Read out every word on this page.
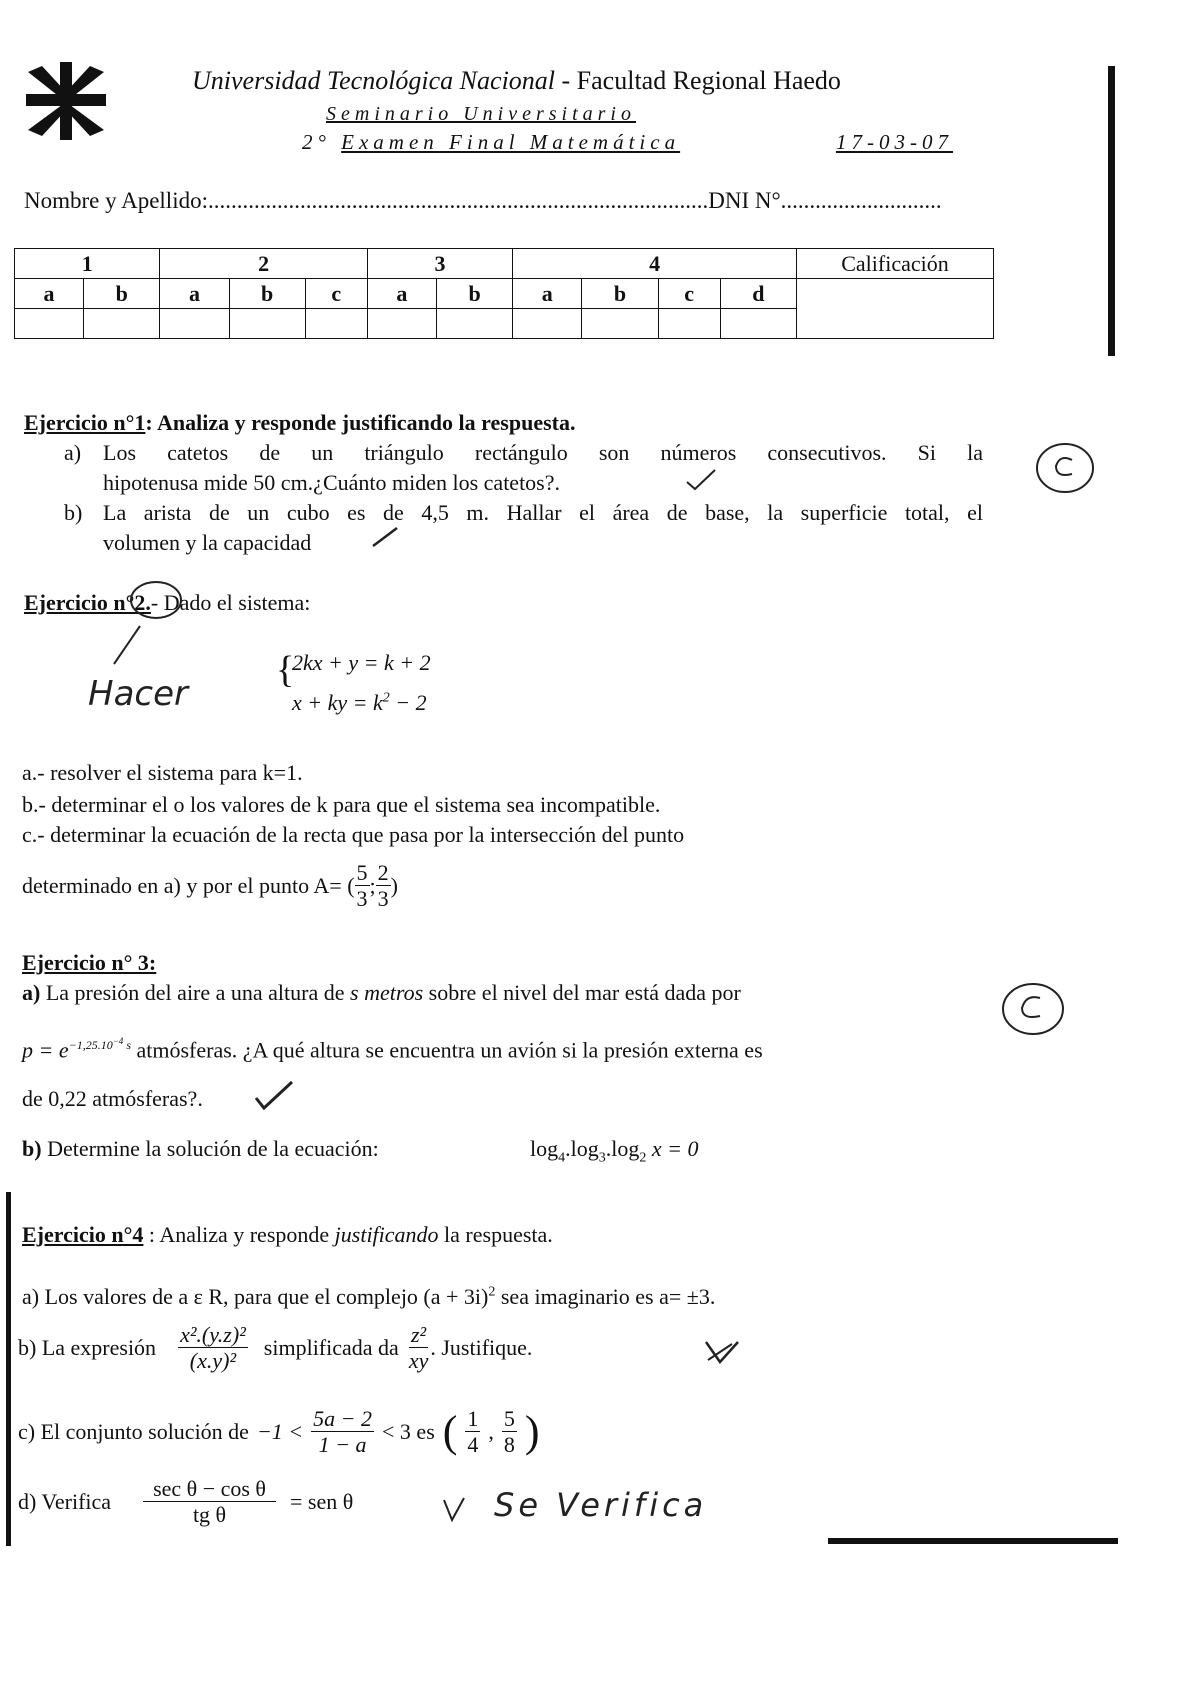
Universidad Tecnológica Nacional - Facultad Regional Haedo
Seminario Universitario
2° Examen Final Matemática	17-03-07
Nombre y Apellido:.......................................................................................DNI N°............................
1		2			3		4				Calificación
a	b	a	b	c	a	b	a	b	c	d	

Ejercicio n°1: Analiza y responde justificando la respuesta.
a) Los catetos de un triángulo rectángulo son números consecutivos. Si la
hipotenusa mide 50 cm.¿Cuánto miden los catetos?.
b) La arista de un cubo es de 4,5 m. Hallar el área de base, la superficie total, el
volumen y la capacidad
Ejercicio n°2.- Dado el sistema:
Hacer
{
2kx + y = k + 2
x + ky = $k^2 - 2$
a.- resolver el sistema para k=1.
b.- determinar el o los valores de k para que el sistema sea incompatible.
c.- determinar la ecuación de la recta que pasa por la intersección del punto
determinado en a) y por el punto A= ( $\frac{5}{3}$ ; $\frac{2}{3}$ )
Ejercicio n° 3:
a) La presión del aire a una altura de s metros sobre el nivel del mar está dada por
$p = e^{-1,25.10^{-4} s}$ atmósferas. ¿A qué altura se encuentra un avión si la presión externa es
de 0,22 atmósferas?.
b) Determine la solución de la ecuación:	$\log_4.\log_3.\log_2$ x = 0
Ejercicio n°4 : Analiza y responde justificando la respuesta.
a) Los valores de a ε R, para que el complejo $(a + 3i)^2$ sea imaginario es a= ±3.
b) La expresión $\frac{\text{x².(y.z)²}}{\text{(x.y)²}}$ simplificada da $\frac{\text{z²}}{xy}$ . Justifique.
c) El conjunto solución de $-1 < \frac{5a - 2}{1 - a} < 3$ es ( $\frac{1}{4}$ , $\frac{5}{8}$ )
d) Verifica $\frac{\text{sec θ − cos θ}}{\text{tg θ}}$ = sen θ	Se Verifica
